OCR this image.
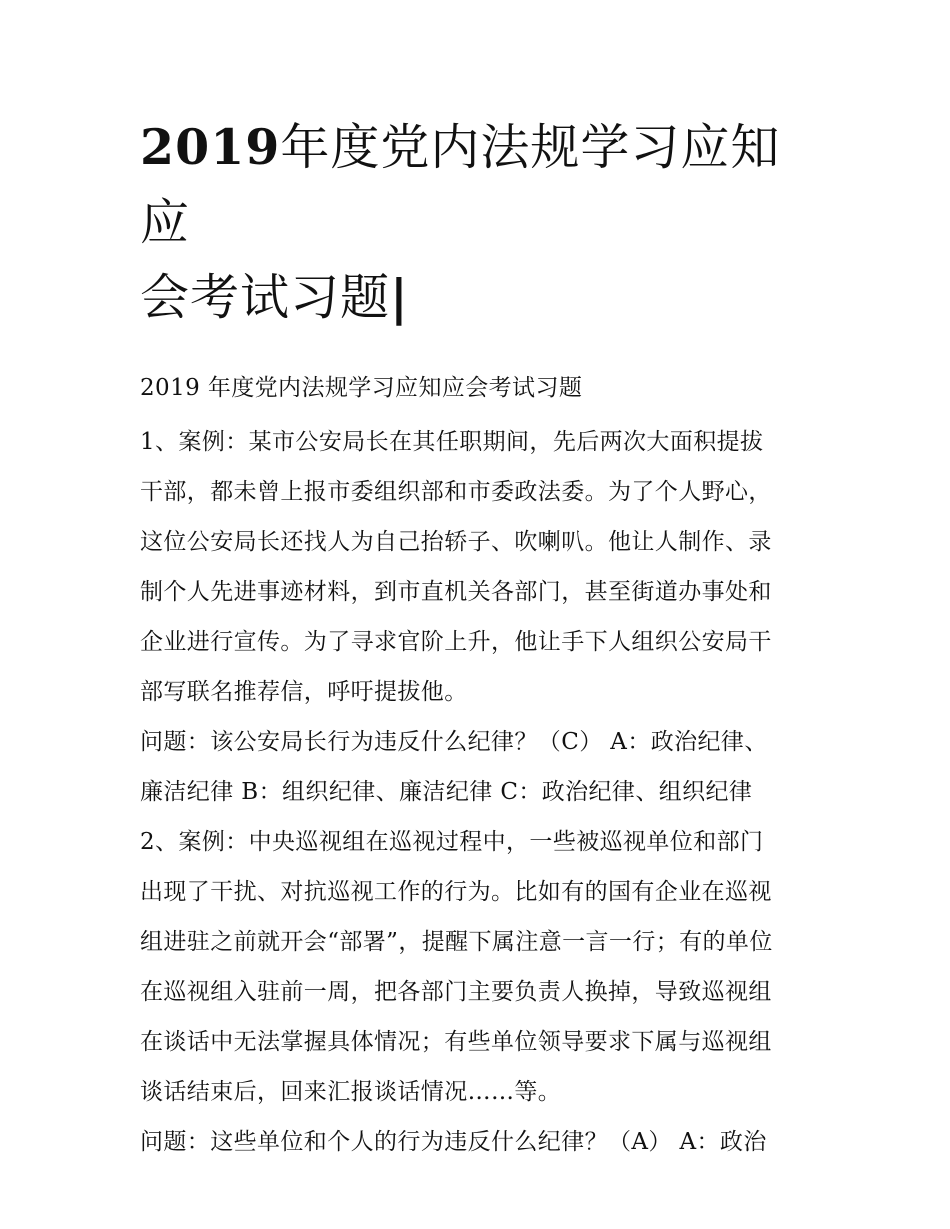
2019年度党内法规学习应知应
会考试习题|
2019 年度党内法规学习应知应会考试习题
1、案例：某市公安局长在其任职期间，先后两次大面积提拔
干部，都未曾上报市委组织部和市委政法委。为了个人野心，
这位公安局长还找人为自己抬轿子、吹喇叭。他让人制作、录
制个人先进事迹材料，到市直机关各部门，甚至街道办事处和
企业进行宣传。为了寻求官阶上升，他让手下人组织公安局干
部写联名推荐信，呼吁提拔他。
问题：该公安局长行为违反什么纪律？（C） A：政治纪律、
廉洁纪律 B：组织纪律、廉洁纪律 C：政治纪律、组织纪律
2、案例：中央巡视组在巡视过程中，一些被巡视单位和部门
出现了干扰、对抗巡视工作的行为。比如有的国有企业在巡视
组进驻之前就开会“部署”，提醒下属注意一言一行；有的单位
在巡视组入驻前一周，把各部门主要负责人换掉，导致巡视组
在谈话中无法掌握具体情况；有些单位领导要求下属与巡视组
谈话结束后，回来汇报谈话情况……等。
问题：这些单位和个人的行为违反什么纪律？（A） A：政治
